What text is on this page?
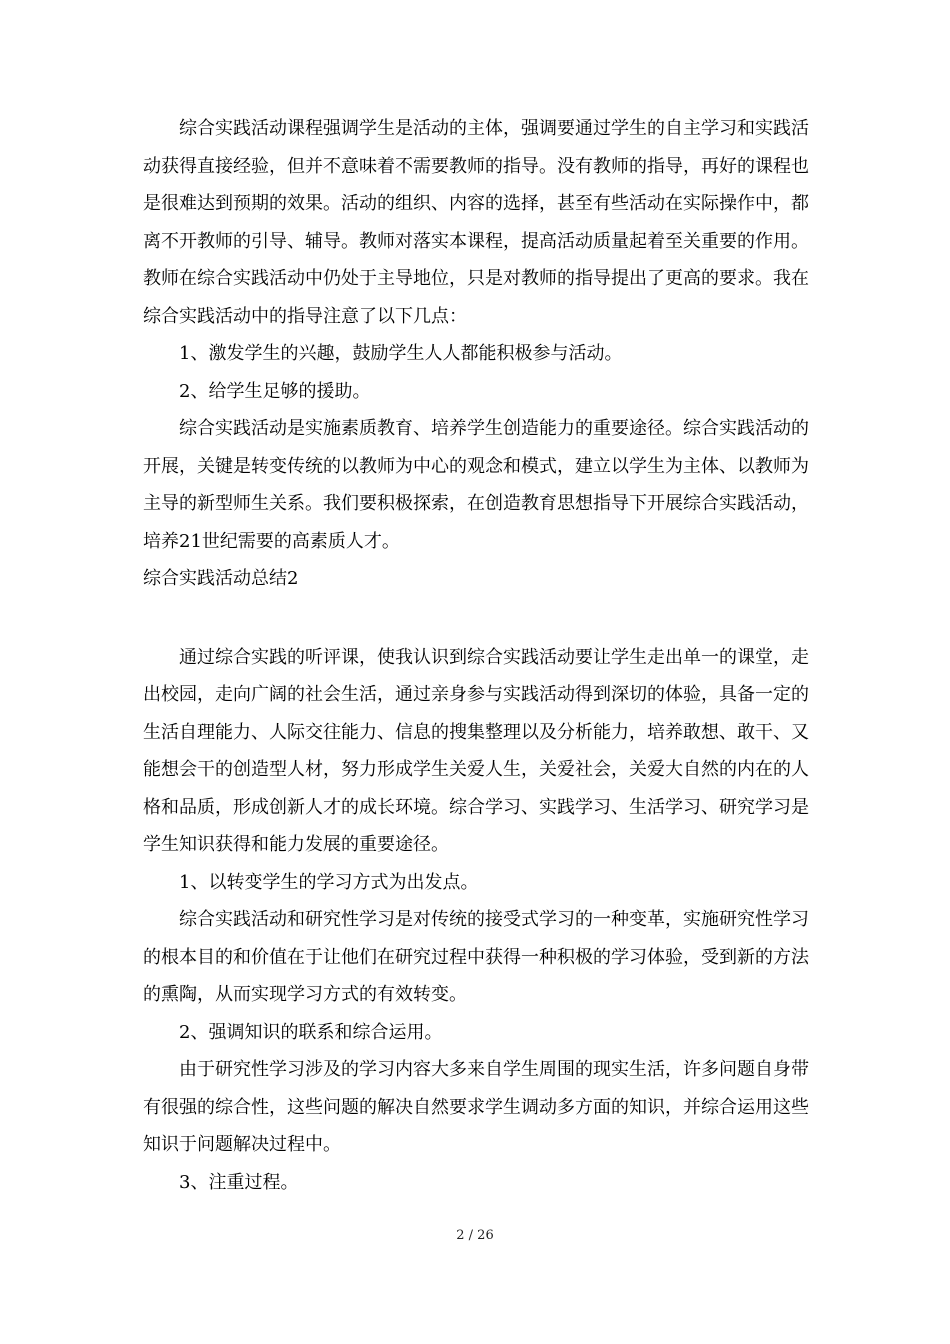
综合实践活动课程强调学生是活动的主体，强调要通过学生的自主学习和实践活动获得直接经验，但并不意味着不需要教师的指导。没有教师的指导，再好的课程也是很难达到预期的效果。活动的组织、内容的选择，甚至有些活动在实际操作中，都离不开教师的引导、辅导。教师对落实本课程，提高活动质量起着至关重要的作用。教师在综合实践活动中仍处于主导地位，只是对教师的指导提出了更高的要求。我在综合实践活动中的指导注意了以下几点：

1、激发学生的兴趣，鼓励学生人人都能积极参与活动。

2、给学生足够的援助。

综合实践活动是实施素质教育、培养学生创造能力的重要途径。综合实践活动的开展，关键是转变传统的以教师为中心的观念和模式，建立以学生为主体、以教师为主导的新型师生关系。我们要积极探索，在创造教育思想指导下开展综合实践活动，培养21世纪需要的高素质人才。

综合实践活动总结2

通过综合实践的听评课，使我认识到综合实践活动要让学生走出单一的课堂，走出校园，走向广阔的社会生活，通过亲身参与实践活动得到深切的体验，具备一定的生活自理能力、人际交往能力、信息的搜集整理以及分析能力，培养敢想、敢干、又能想会干的创造型人材，努力形成学生关爱人生，关爱社会，关爱大自然的内在的人格和品质，形成创新人才的成长环境。综合学习、实践学习、生活学习、研究学习是学生知识获得和能力发展的重要途径。

1、以转变学生的学习方式为出发点。

综合实践活动和研究性学习是对传统的接受式学习的一种变革，实施研究性学习的根本目的和价值在于让他们在研究过程中获得一种积极的学习体验，受到新的方法的熏陶，从而实现学习方式的有效转变。

2、强调知识的联系和综合运用。

由于研究性学习涉及的学习内容大多来自学生周围的现实生活，许多问题自身带有很强的综合性，这些问题的解决自然要求学生调动多方面的知识，并综合运用这些知识于问题解决过程中。

3、注重过程。

2 / 26
